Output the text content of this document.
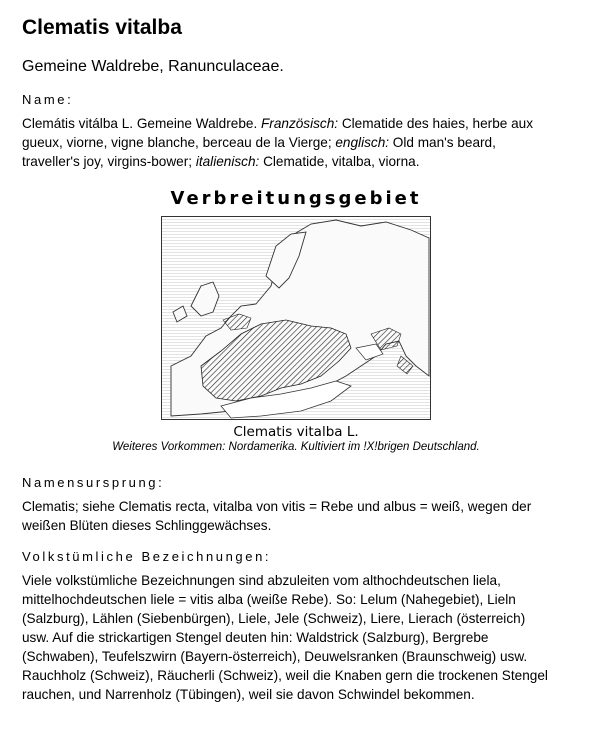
Clematis vitalba
Gemeine Waldrebe, Ranunculaceae.
Name:
Clemátis vitálba L. Gemeine Waldrebe. Französisch: Clematide des haies, herbe aux
gueux, viorne, vigne blanche, berceau de la Vierge; englisch: Old man's beard,
traveller's joy, virgins-bower; italienisch: Clematide, vitalba, viorna.
Verbreitungsgebiet
Clematis vitalba L.
Weiteres Vorkommen: Nordamerika. Kultiviert im !X!brigen Deutschland.
Namensursprung:
Clematis; siehe Clematis recta, vitalba von vitis = Rebe und albus = weiß, wegen der
weißen Blüten dieses Schlinggewächses.
Volkstümliche Bezeichnungen:
Viele volkstümliche Bezeichnungen sind abzuleiten vom althochdeutschen liela,
mittelhochdeutschen liele = vitis alba (weiße Rebe). So: Lelum (Nahegebiet), Lieln
(Salzburg), Lählen (Siebenbürgen), Liele, Jele (Schweiz), Liere, Lierach (österreich)
usw. Auf die strickartigen Stengel deuten hin: Waldstrick (Salzburg), Bergrebe
(Schwaben), Teufelszwirn (Bayern-österreich), Deuwelsranken (Braunschweig) usw.
Rauchholz (Schweiz), Räucherli (Schweiz), weil die Knaben gern die trockenen Stengel
rauchen, und Narrenholz (Tübingen), weil sie davon Schwindel bekommen.
